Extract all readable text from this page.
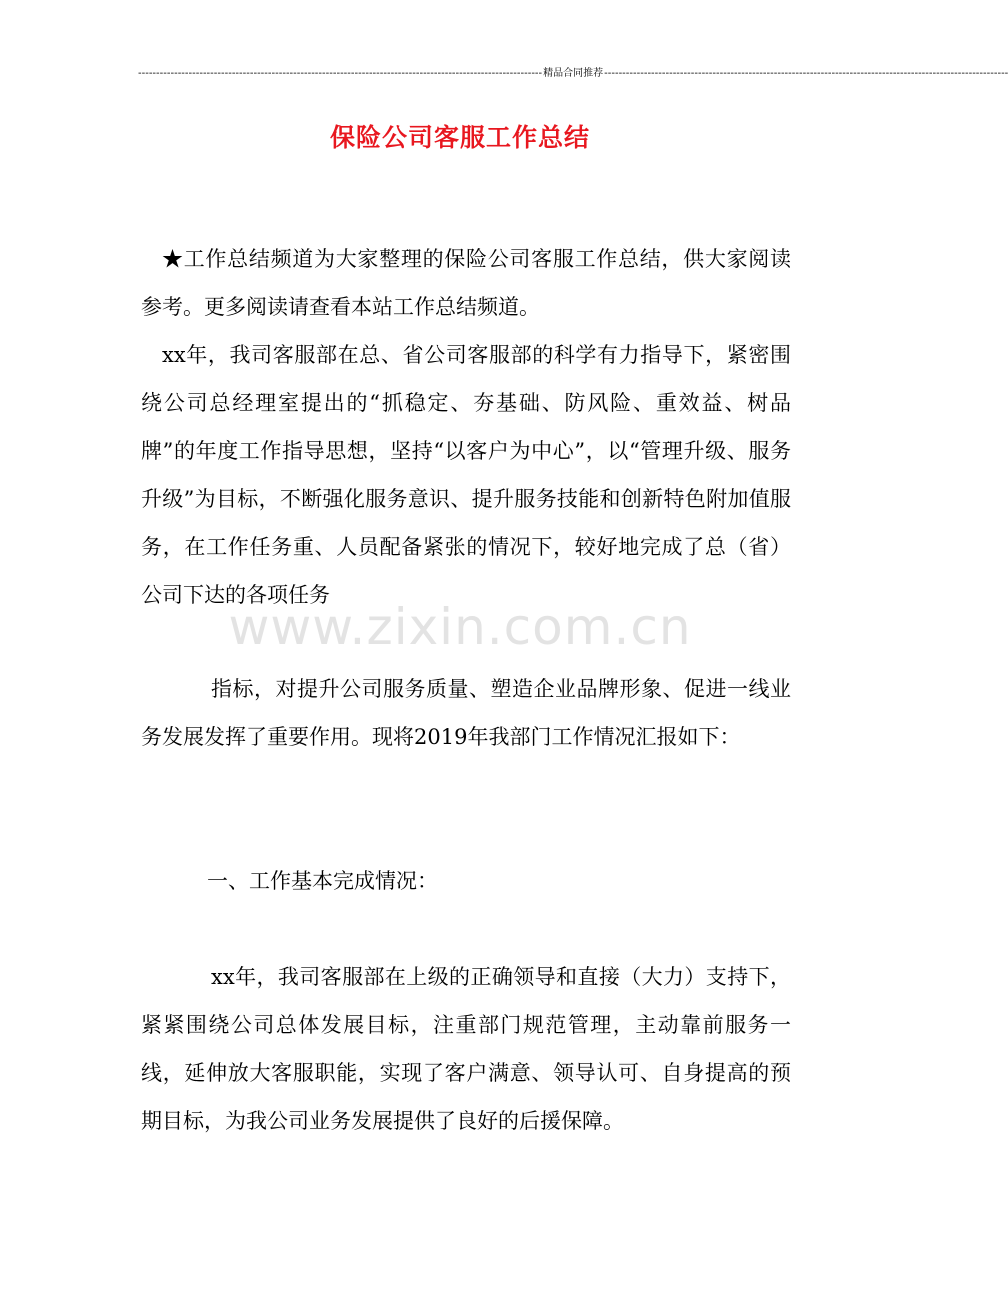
---------------------------------------------------------------------------------------------------------------- 精品合同推荐 ----------------------------------------------------------------------------------------------------------------
保险公司客服工作总结

★工作总结频道为大家整理的保险公司客服工作总结，供大家阅读参考。更多阅读请查看本站工作总结频道。

xx年，我司客服部在总、省公司客服部的科学有力指导下，紧密围绕公司总经理室提出的“抓稳定、夯基础、防风险、重效益、树品牌”的年度工作指导思想，坚持“以客户为中心”，以“管理升级、服务升级”为目标，不断强化服务意识、提升服务技能和创新特色附加值服务，在工作任务重、人员配备紧张的情况下，较好地完成了总（省）公司下达的各项任务

www.zixin.com.cn

指标，对提升公司服务质量、塑造企业品牌形象、促进一线业务发展发挥了重要作用。现将2019年我部门工作情况汇报如下：

一、工作基本完成情况：

xx年，我司客服部在上级的正确领导和直接（大力）支持下，紧紧围绕公司总体发展目标，注重部门规范管理，主动靠前服务一线，延伸放大客服职能，实现了客户满意、领导认可、自身提高的预期目标，为我公司业务发展提供了良好的后援保障。
